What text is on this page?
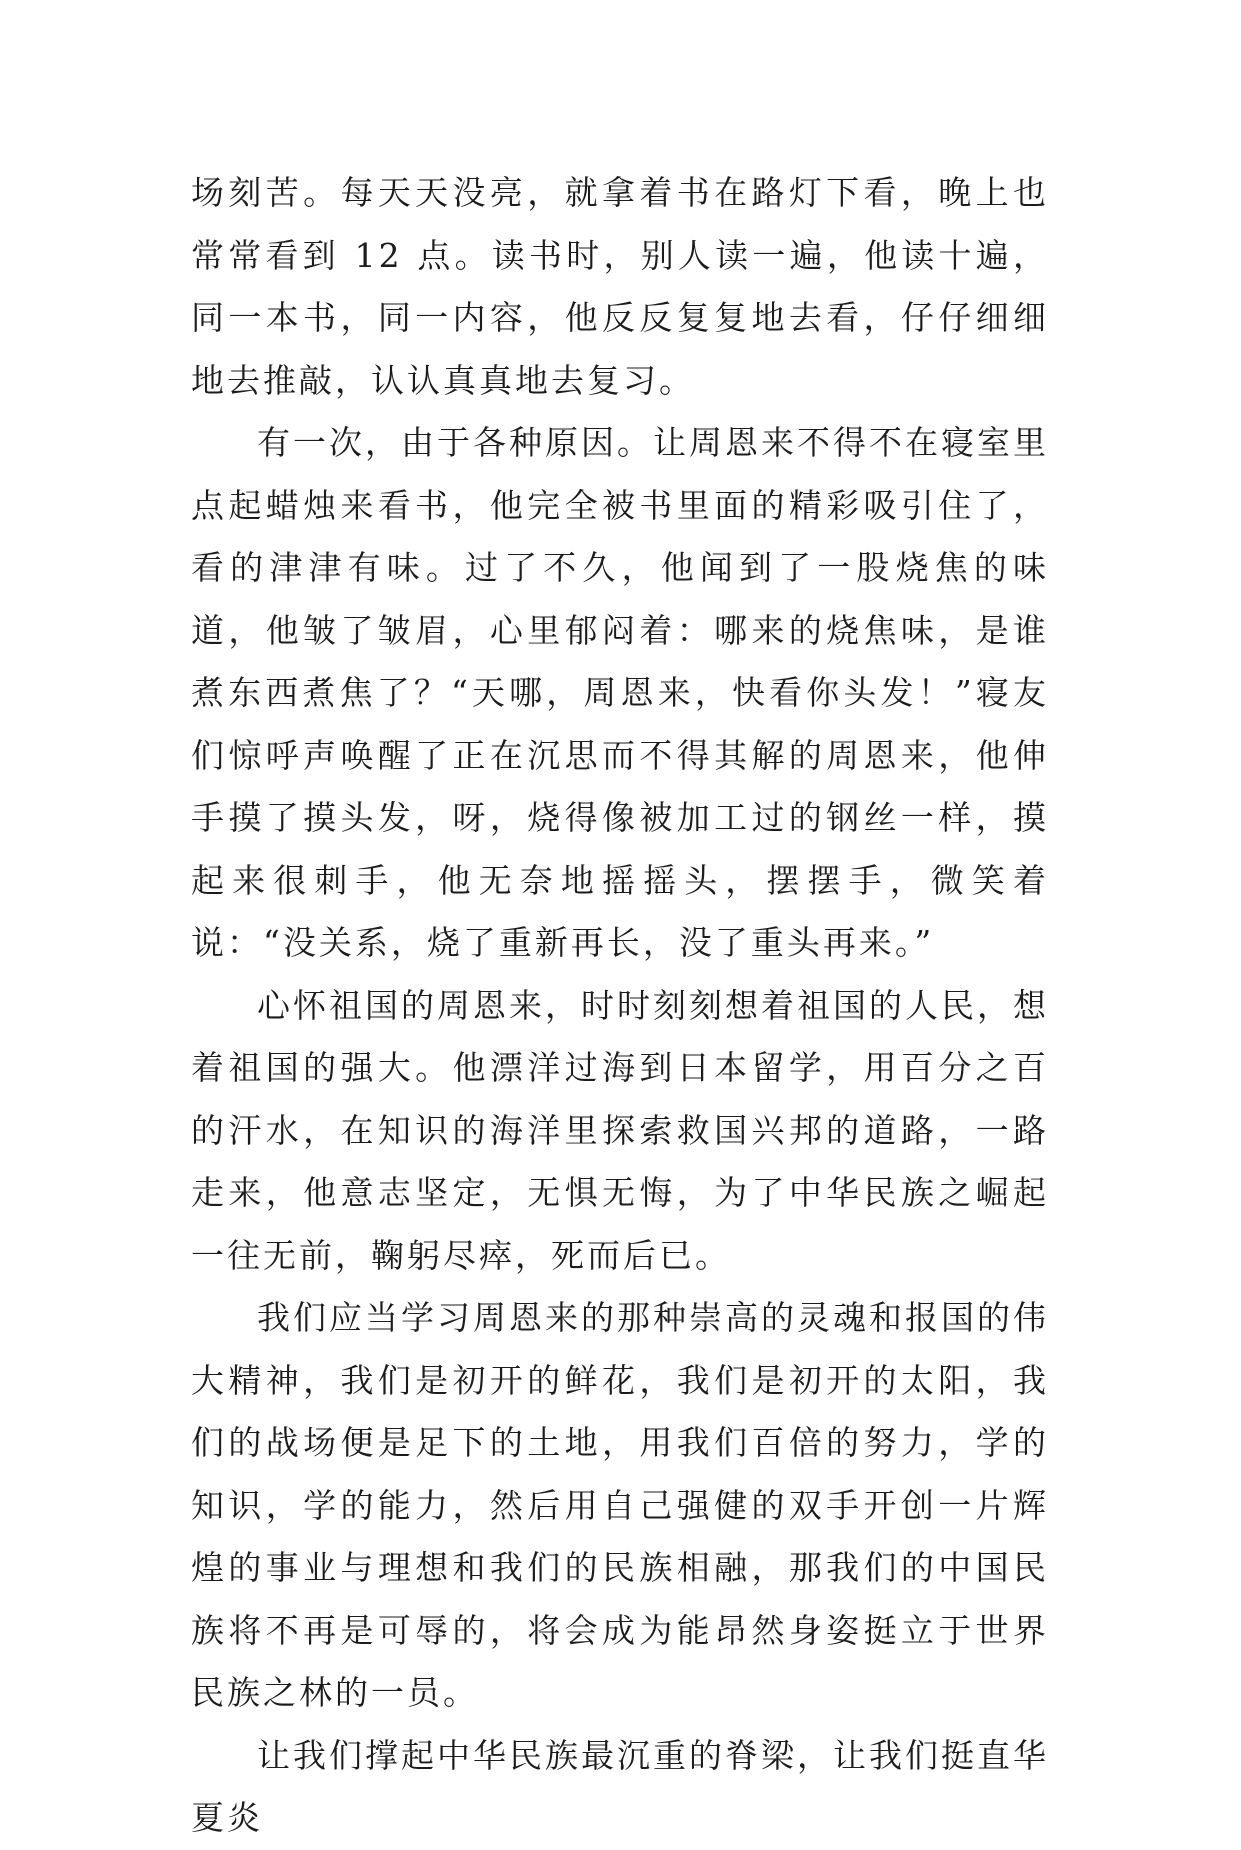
场刻苦。每天天没亮，就拿着书在路灯下看，晚上也常常看到 12 点。读书时，别人读一遍，他读十遍，同一本书，同一内容，他反反复复地去看，仔仔细细地去推敲，认认真真地去复习。

有一次，由于各种原因。让周恩来不得不在寝室里点起蜡烛来看书，他完全被书里面的精彩吸引住了，看的津津有味。过了不久，他闻到了一股烧焦的味道，他皱了皱眉，心里郁闷着：哪来的烧焦味，是谁煮东西煮焦了？“天哪，周恩来，快看你头发！”寝友们惊呼声唤醒了正在沉思而不得其解的周恩来，他伸手摸了摸头发，呀，烧得像被加工过的钢丝一样，摸起来很刺手，他无奈地摇摇头，摆摆手，微笑着说：“没关系，烧了重新再长，没了重头再来。”

心怀祖国的周恩来，时时刻刻想着祖国的人民，想着祖国的强大。他漂洋过海到日本留学，用百分之百的汗水，在知识的海洋里探索救国兴邦的道路，一路走来，他意志坚定，无惧无悔，为了中华民族之崛起一往无前，鞠躬尽瘁，死而后已。

我们应当学习周恩来的那种崇高的灵魂和报国的伟大精神，我们是初开的鲜花，我们是初开的太阳，我们的战场便是足下的土地，用我们百倍的努力，学的知识，学的能力，然后用自己强健的双手开创一片辉煌的事业与理想和我们的民族相融，那我们的中国民族将不再是可辱的，将会成为能昂然身姿挺立于世界民族之林的一员。

让我们撑起中华民族最沉重的脊梁，让我们挺直华夏炎
